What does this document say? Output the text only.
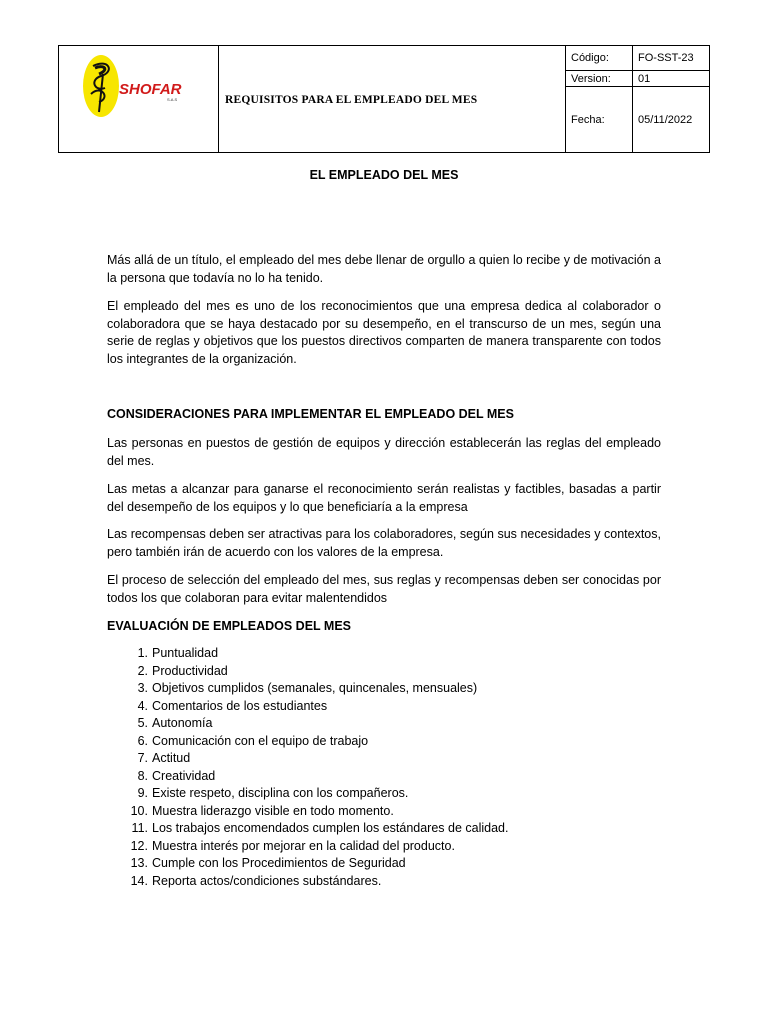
SHOFAR
S.A.S	REQUISITOS PARA EL EMPLEADO DEL MES	Código:	FO-SST-23
		Version:	01
		Fecha:	05/11/2022
EL EMPLEADO DEL MES

Más allá de un título, el empleado del mes debe llenar de orgullo a quien lo recibe y de motivación a la persona que todavía no lo ha tenido.

El empleado del mes es uno de los reconocimientos que una empresa dedica al colaborador o colaboradora que se haya destacado por su desempeño, en el transcurso de un mes, según una serie de reglas y objetivos que los puestos directivos comparten de manera transparente con todos los integrantes de la organización.

CONSIDERACIONES PARA IMPLEMENTAR EL EMPLEADO DEL MES

Las personas en puestos de gestión de equipos y dirección establecerán las reglas del empleado del mes.

Las metas a alcanzar para ganarse el reconocimiento serán realistas y factibles, basadas a partir del desempeño de los equipos y lo que beneficiaría a la empresa

Las recompensas deben ser atractivas para los colaboradores, según sus necesidades y contextos, pero también irán de acuerdo con los valores de la empresa.

El proceso de selección del empleado del mes, sus reglas y recompensas deben ser conocidas por todos los que colaboran para evitar malentendidos

EVALUACIÓN DE EMPLEADOS DEL MES

1. Puntualidad
2. Productividad
3. Objetivos cumplidos (semanales, quincenales, mensuales)
4. Comentarios de los estudiantes
5. Autonomía
6. Comunicación con el equipo de trabajo
7. Actitud
8. Creatividad
9. Existe respeto, disciplina con los compañeros.
10. Muestra liderazgo visible en todo momento.
11. Los trabajos encomendados cumplen los estándares de calidad.
12. Muestra interés por mejorar en la calidad del producto.
13. Cumple con los Procedimientos de Seguridad
14. Reporta actos/condiciones substándares.
